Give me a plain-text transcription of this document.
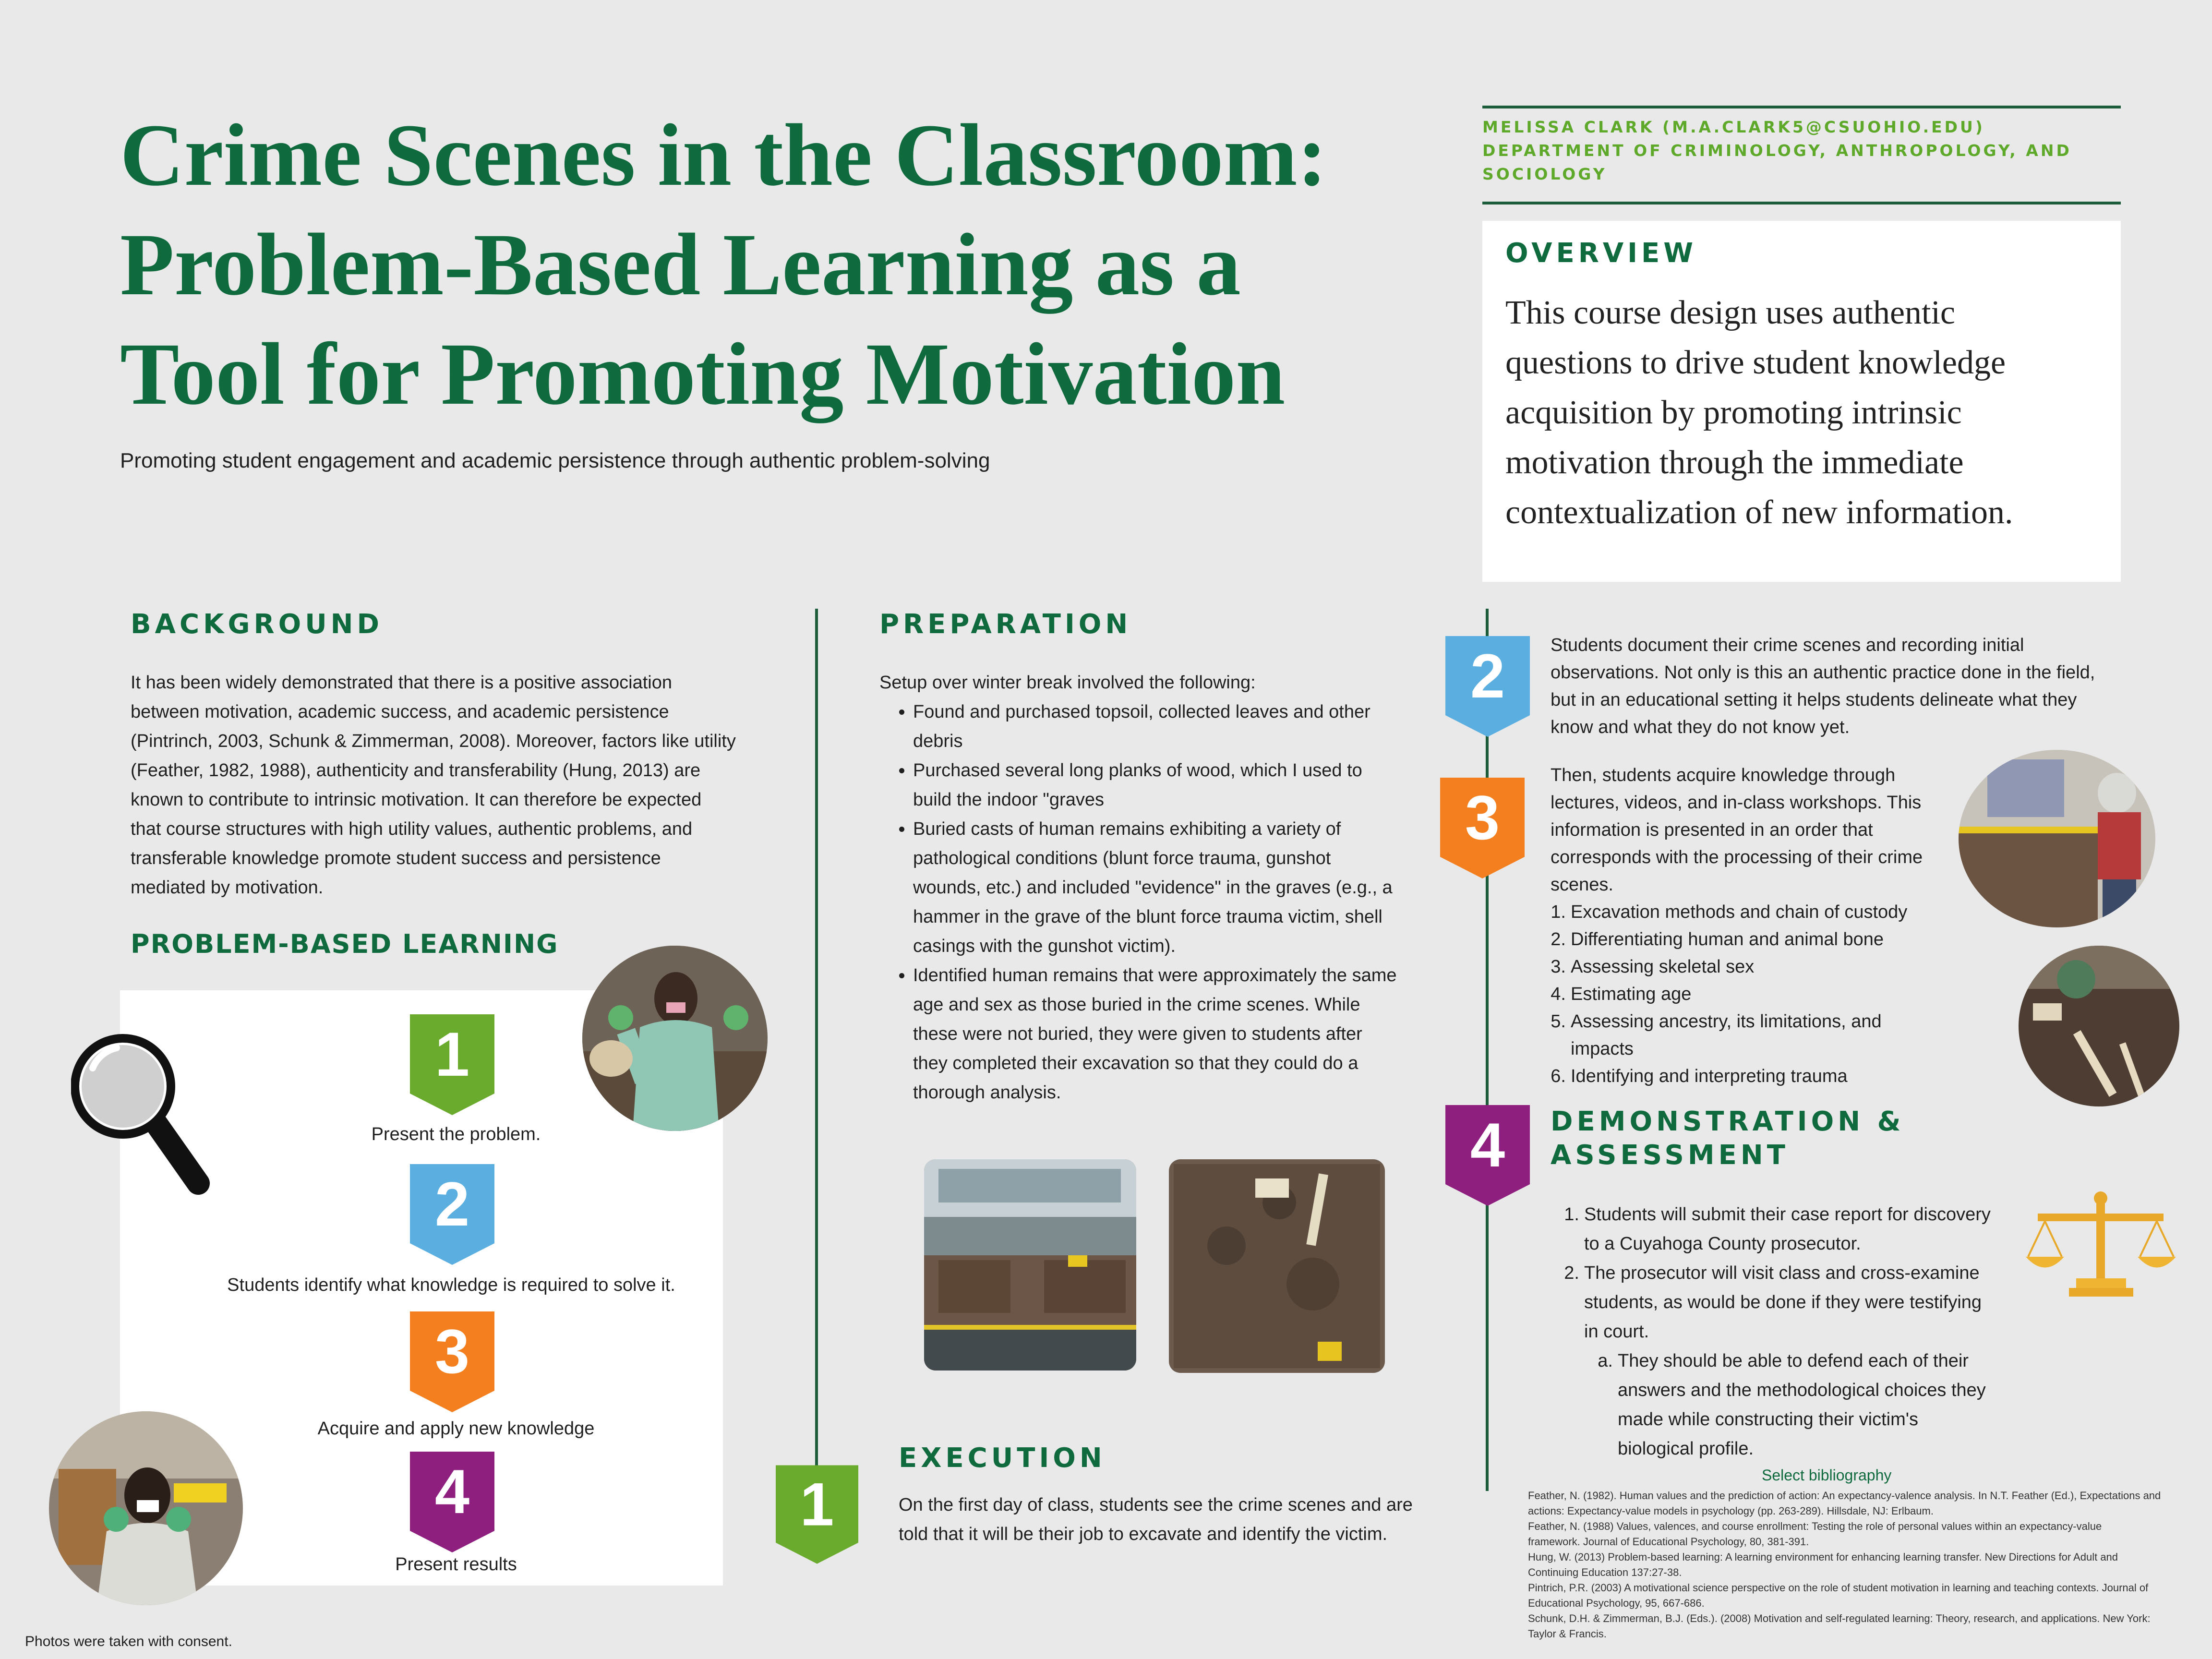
Crime Scenes in the Classroom:
Problem-Based Learning as a
Tool for Promoting Motivation
Promoting student engagement and academic persistence through authentic problem-solving
MELISSA CLARK (M.A.CLARK5@CSUOHIO.EDU)
DEPARTMENT OF CRIMINOLOGY, ANTHROPOLOGY, AND
SOCIOLOGY
OVERVIEW
This course design uses authentic
questions to drive student knowledge
acquisition by promoting intrinsic
motivation through the immediate
contextualization of new information.
BACKGROUND
It has been widely demonstrated that there is a positive association
between motivation, academic success, and academic persistence
(Pintrinch, 2003, Schunk & Zimmerman, 2008). Moreover, factors like utility
(Feather, 1982, 1988), authenticity and transferability (Hung, 2013) are
known to contribute to intrinsic motivation. It can therefore be expected
that course structures with high utility values, authentic problems, and
transferable knowledge promote student success and persistence
mediated by motivation.
PROBLEM-BASED LEARNING
1
Present the problem.
2
Students identify what knowledge is required to solve it.
3
Acquire and apply new knowledge
4
Present results
Photos were taken with consent.
PREPARATION
Setup over winter break involved the following:
• Found and purchased topsoil, collected leaves and other
debris
• Purchased several long planks of wood, which I used to
build the indoor "graves
• Buried casts of human remains exhibiting a variety of
pathological conditions (blunt force trauma, gunshot
wounds, etc.) and included "evidence" in the graves (e.g., a
hammer in the grave of the blunt force trauma victim, shell
casings with the gunshot victim).
• Identified human remains that were approximately the same
age and sex as those buried in the crime scenes. While
these were not buried, they were given to students after
they completed their excavation so that they could do a
thorough analysis.
1
EXECUTION
On the first day of class, students see the crime scenes and are
told that it will be their job to excavate and identify the victim.
2 Students document their crime scenes and recording initial
observations. Not only is this an authentic practice done in the field,
but in an educational setting it helps students delineate what they
know and what they do not know yet.
3
Then, students acquire knowledge through
lectures, videos, and in-class workshops. This
information is presented in an order that
corresponds with the processing of their crime
scenes.
1. Excavation methods and chain of custody
2. Differentiating human and animal bone
3. Assessing skeletal sex
4. Estimating age
5. Assessing ancestry, its limitations, and
impacts
6. Identifying and interpreting trauma
4 DEMONSTRATION &
ASSESSMENT
1. Students will submit their case report for discovery
to a Cuyahoga County prosecutor.
2. The prosecutor will visit class and cross-examine
students, as would be done if they were testifying
in court.
a. They should be able to defend each of their
answers and the methodological choices they
made while constructing their victim's
biological profile.
Select bibliography
Feather, N. (1982). Human values and the prediction of action: An expectancy-valence analysis. In N.T. Feather (Ed.), Expectations and
actions: Expectancy-value models in psychology (pp. 263-289). Hillsdale, NJ: Erlbaum.
Feather, N. (1988) Values, valences, and course enrollment: Testing the role of personal values within an expectancy-value
framework. Journal of Educational Psychology, 80, 381-391.
Hung, W. (2013) Problem-based learning: A learning environment for enhancing learning transfer. New Directions for Adult and
Continuing Education 137:27-38.
Pintrich, P.R. (2003) A motivational science perspective on the role of student motivation in learning and teaching contexts. Journal of
Educational Psychology, 95, 667-686.
Schunk, D.H. & Zimmerman, B.J. (Eds.). (2008) Motivation and self-regulated learning: Theory, research, and applications. New York:
Taylor & Francis.
